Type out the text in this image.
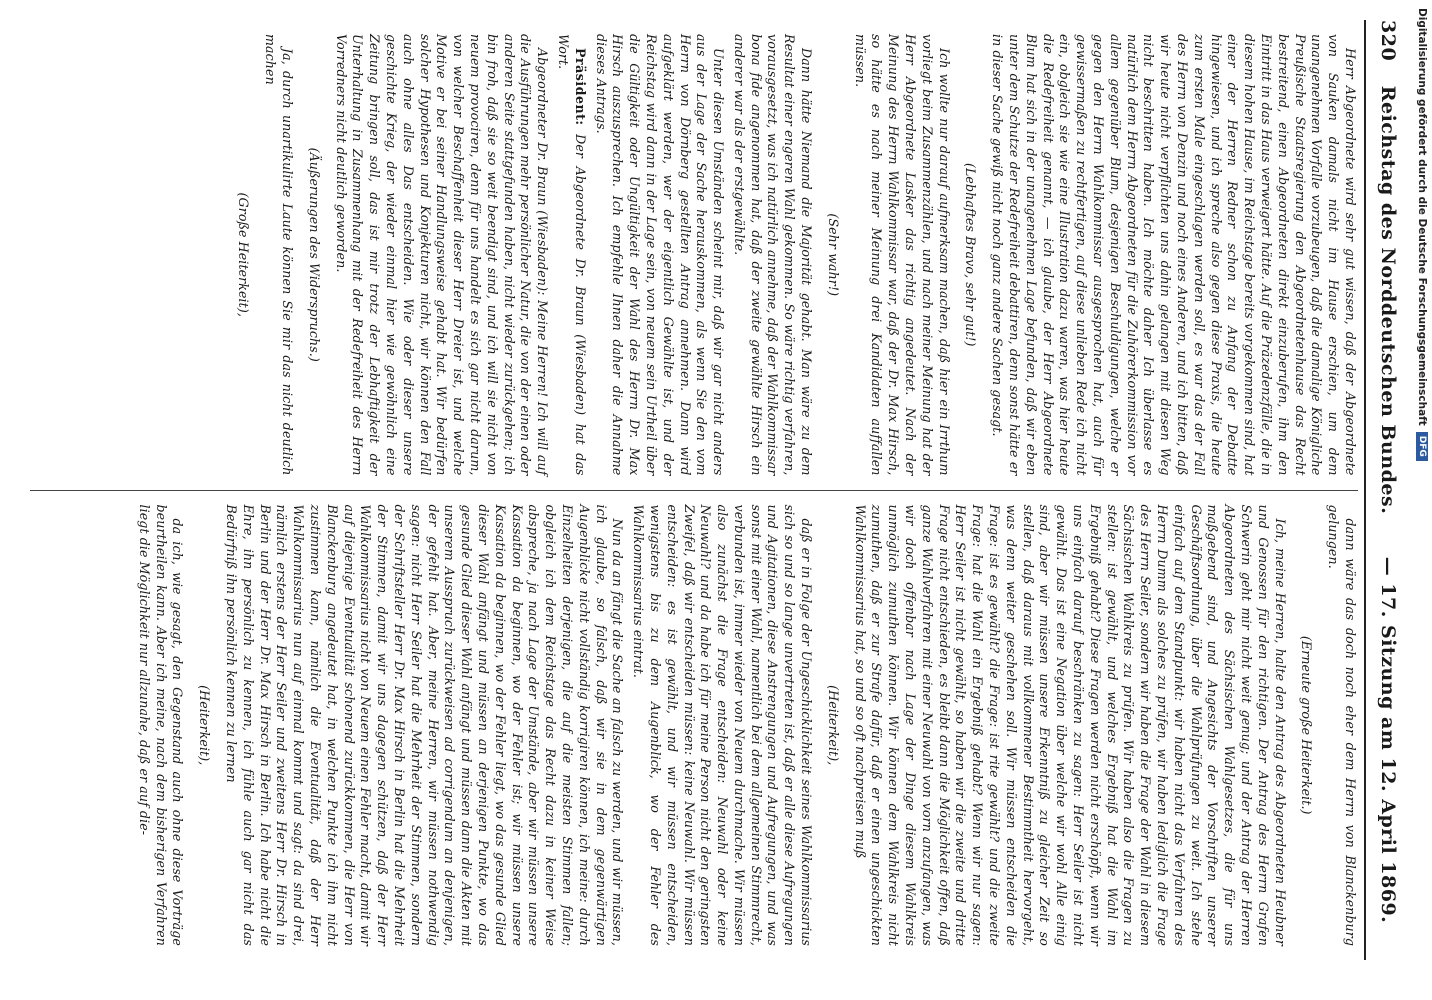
320
Reichstag des Norddeutschen Bundes.
— 17. Sitzung am 12. April 1869.

Herr Abgeordnete wird sehr gut wissen, daß der Abgeordnete von Sauken damals nicht im Hause erschien, um dem unangenehmen Vorfalle vorzubeugen, daß die damalige Königliche Preußische Staatsregierung den Abgeordnetenhause das Recht bestreitend, einen Abgeordneten direkt einzuberufen, ihm den Eintritt in das Haus verweigert hätte. Auf die Präzedenzfälle, die in diesem hohen Hause, im Reichstage bereits vorgekommen sind, hat einer der Herren Redner schon zu Anfang der Debatte hingewiesen, und ich spreche also gegen diese Praxis, die heute zum ersten Male eingeschlagen werden soll, es war das der Fall des Herrn von Denzin und noch eines Anderen, und ich bitten, daß wir heute nicht verpflichten uns dahin gelangen mit diesen Weg nicht beschritten haben. Ich möchte daher Ich überlasse es natürlich dem Herrn Abgeordneten für die Zuhörerkommission vor allem gegenüber Blum, desjenigen Beschuldigungen, welche er gegen den Herrn Wahlkommissar ausgesprochen hat, auch für gewissermaßen zu rechtfertigen, auf diese unlieben Rede ich nicht ein, obgleich sie wie eine Illustration dazu waren, was hier heute die Redefreiheit genannt, — ich glaube, der Herr Abgeordnete Blum hat sich in der unangenehmen Lage befunden, daß wir eben unter dem Schutze der Redefreiheit debattiren, denn sonst hätte er in dieser Sache gewiß nicht noch ganz andere Sachen gesagt.

(Lebhaftes Bravo, sehr gut!)

Ich wollte nur darauf aufmerksam machen, daß hier ein Irrthum vorliegt beim Zusammenzählen, und nach meiner Meinung hat der Herr Abgeordnete Lasker das richtig angedeutet. Nach der Meinung des Herrn Wahlkommissar war, daß der Dr. Max Hirsch, so hätte es nach meiner Meinung drei Kandidaten auffallen müssen.

(Sehr wahr!)

Dann hätte Niemand die Majorität gehabt. Man wäre zu dem Resultat einer engeren Wahl gekommen. So wäre richtig verfahren, vorausgesetzt, was ich natürlich annehme, daß der Wahlkommissar bona fide angenommen hat, daß der zweite gewählte Hirsch ein anderer war als der erstgewählte.

Unter diesen Umständen scheint mir, daß wir gar nicht anders aus der Lage der Sache herauskommen, als wenn Sie den vom Herrn von Dörnberg gestellten Antrag annehmen. Dann wird aufgeklärt werden, wer der eigentlich Gewählte ist, und der Reichstag wird dann in der Lage sein, von neuem sein Urtheil über die Gültigkeit oder Ungültigkeit der Wahl des Herrn Dr. Max Hirsch auszusprechen. Ich empfehle Ihnen daher die Annahme dieses Antrags.

Präsident: Der Abgeordnete Dr. Braun (Wiesbaden) hat das Wort.

Abgeordneter Dr. Braun (Wiesbaden): Meine Herren! Ich will auf die Ausführungen mehr persönlicher Natur, die von der einen oder anderen Seite stattgefunden haben, nicht wieder zurückgehen; ich bin froh, daß sie so weit beendigt sind, und ich will sie nicht von neuem provociren, denn für uns handelt es sich gar nicht darum, von welcher Beschaffenheit dieser Herr Dreier ist, und welche Motive er bei seiner Handlungsweise gehabt hat. Wir bedürfen solcher Hypothesen und Konjekturen nicht, wir können den Fall auch ohne alles Das entscheiden. Wie oder dieser unsere geschichte Krieg, der wieder einmal hier wie gewöhnlich eine Zeitung bringen soll, das ist mir trotz der Lebhaftigkeit der Unterhaltung in Zusammenhang mit der Redefreiheit des Herrn Vorredners nicht deutlich geworden.

(Äußerungen des Widerspruchs.)

Ja, durch unartikulirte Laute können Sie mir das nicht deutlich machen

(Große Heiterkeit),

dann wäre das doch noch eher dem Herrn von Blanckenburg gelungen.

(Erneute große Heiterkeit.)

Ich, meine Herren, halte den Antrag des Abgeordneten Heubner und Genossen für den richtigen. Der Antrag des Herrn Grafen Schwerin geht mir nicht weit genug; und der Antrag der Herren Abgeordneten des Sächsischen Wahlgesetzes, die für uns maßgebend sind, und Angesichts der Vorschriften unserer Geschäftsordnung, über die Wahlprüfungen zu weit. Ich stehe einfach auf dem Standpunkt: wir haben nicht das Verfahren des Herrn Dumm als solches zu prüfen, wir haben lediglich die Frage des Herrn Seiler, sondern wir haben die Frage der Wahl in diesem Sächsischen Wahlkreis zu prüfen. Wir haben also die Fragen zu stellen: ist gewählt, und welches Ergebniß hat die Wahl im Ergebniß gehabt? Diese Fragen werden nicht erschöpft, wenn wir uns einfach darauf beschränken zu sagen: Herr Seiler ist nicht gewählt. Das ist eine Negation über welche wir wohl Alle einig sind, aber wir müssen unsere Erkenntniß zu gleicher Zeit so stellen, daß daraus mit vollkommener Bestimmtheit hervorgeht, was denn weiter geschehen soll. Wir müssen entscheiden die Frage: ist es gewählt? die Frage: ist rite gewählt? und die zweite Frage: hat die Wahl ein Ergebniß gehabt? Wenn wir nur sagen: Herr Seiler ist nicht gewählt, so haben wir die zweite und dritte Frage nicht entschieden, es bleibt dann die Möglichkeit offen, daß ganze Wahlverfahren mit einer Neuwahl von vorn anzufangen, was wir doch offenbar nach Lage der Dinge diesem Wahlkreis unmöglich zumuthen können. Wir können dem Wahlkreis nicht zumuthen, daß er zur Strafe dafür, daß er einen ungeschickten Wahlkommissarius hat, so und so oft nachpreisen muß

(Heiterkeit),

daß er in Folge der Ungeschicklichkeit seines Wahlkommissarius sich so und so lange unvertreten ist, daß er alle diese Aufregungen und Agitationen, diese Anstrengungen und Aufregungen, und was sonst mit einer Wahl, namentlich bei dem allgemeinen Stimmrecht, verbunden ist, immer wieder von Neuem durchmache. Wir müssen also zunächst die Frage entscheiden: Neuwahl oder keine Neuwahl? und da habe ich für meine Person nicht den geringsten Zweifel, daß wir entscheiden müssen: keine Neuwahl. Wir müssen entscheiden: es ist gewählt, und wir müssen entscheiden, wenigstens bis zu dem Augenblick, wo der Fehler des Wahlkommissarius eintrat.

Nun da an fängt die Sache an falsch zu werden, und wir müssen, ich glaube, so falsch, daß wir sie in dem gegenwärtigen Augenblicke nicht vollständig korrigiren können, ich meine: durch Einzelheiten derjenigen, die auf die meisten Stimmen fallen; obgleich ich dem Reichstage das Recht dazu in keiner Weise abspreche, ja nach Lage der Umstände, aber wir müssen unsere Kassation da beginnen, wo der Fehler ist; wir müssen unsere Kassation da beginnen, wo der Fehler liegt, wo das gesunde Glied dieser Wahl anfängt und müssen an derjenigen Punkte, wo das gesunde Glied dieser Wahl anfängt und müssen dann die Akten mit unserem Ausspruch zurückweisen ad corrigendum an denjenigen, der gefehlt hat. Aber, meine Herren, wir müssen nothwendig sagen: nicht Herr Seiler hat die Mehrheit der Stimmen, sondern der Schriftsteller Herr Dr. Max Hirsch in Berlin hat die Mehrheit der Stimmen, damit wir uns dagegen schützen, daß der Herr Wahlkommissarius nicht von Neuem einen Fehler macht, damit wir auf diejenige Eventualität schonend zurückkommen, die Herr von Blanckenburg angedeutet hat, in welchen Punkte ich ihm nicht zustimmen kann, nämlich die Eventualität, daß der Herr Wahlkommissarius nun auf einmal kommt und sagt: da sind drei, nämlich erstens der Herr Seiler und zweitens Herr Dr. Hirsch in Berlin und der Herr Dr. Max Hirsch in Berlin. Ich habe nicht die Ehre, ihn persönlich zu kennen, ich fühle auch gar nicht das Bedürfniß ihn persönlich kennen zu lernen

(Heiterkeit),

da ich, wie gesagt, den Gegenstand auch ohne diese Vorträge beurtheilen kann. Aber ich meine, nach dem bisherigen Verfahren liegt die Möglichkeit nur allzunahe, daß er auf die-

Digitalisierung gefördert durch die Deutsche Forschungsgemeinschaft
DFG
